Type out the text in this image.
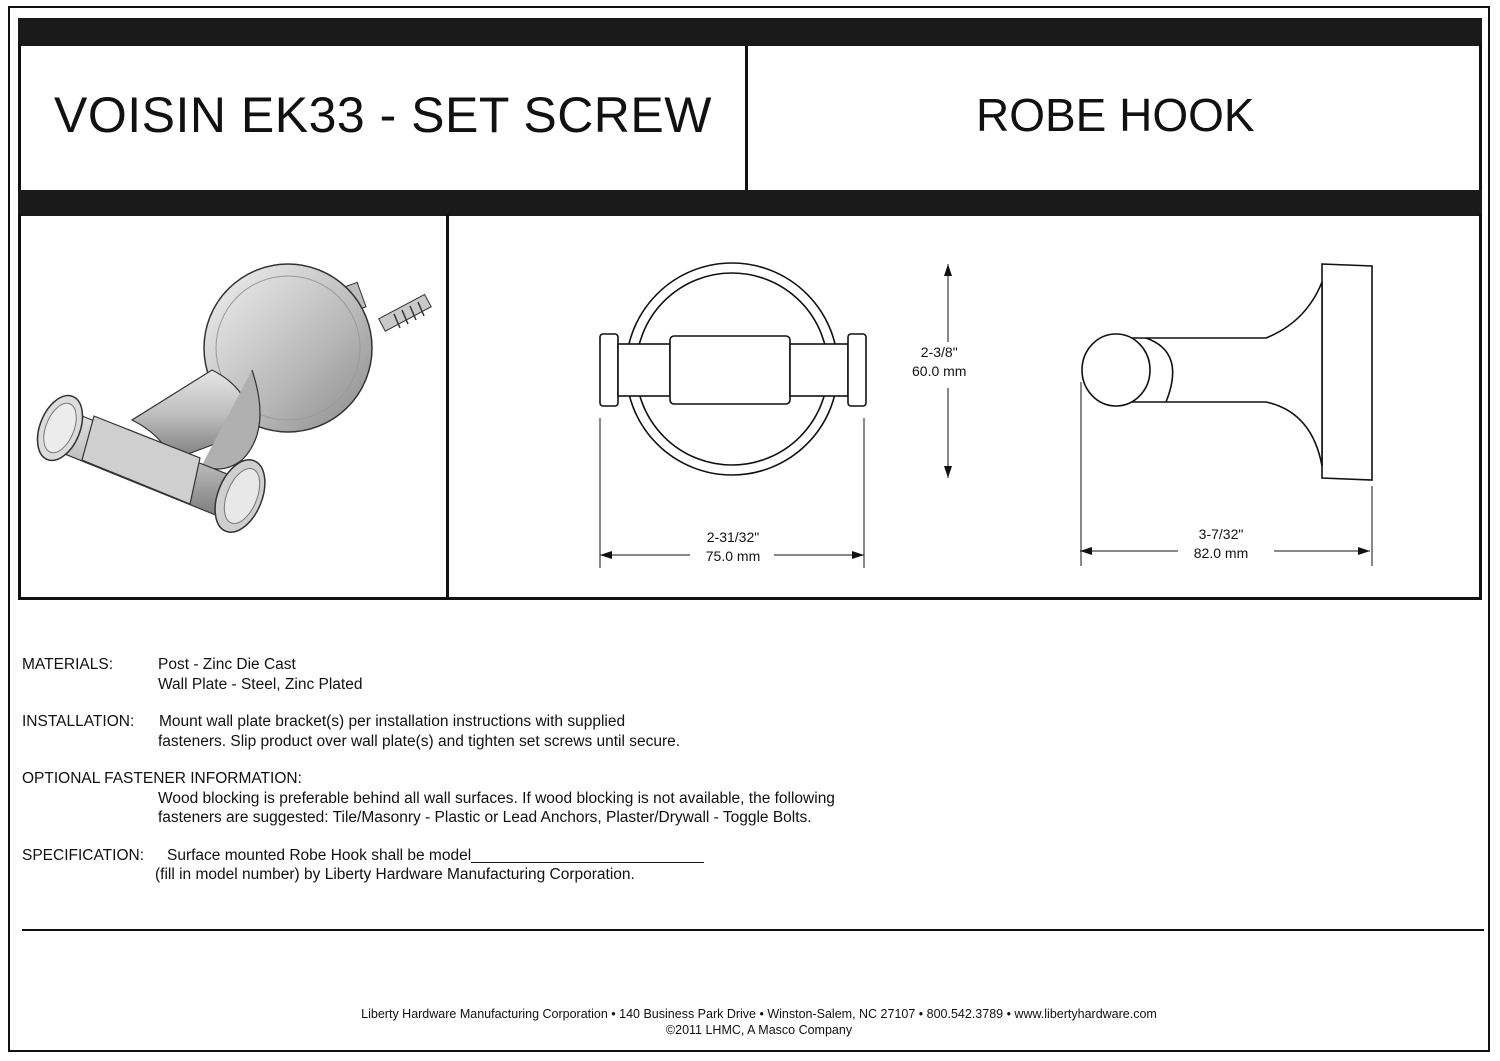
VOISIN EK33 - SET SCREW	ROBE HOOK
2-3/8"
60.0 mm
2-31/32"
75.0 mm
3-7/32"
82.0 mm
MATERIALS:	Post - Zinc Die Cast
Wall Plate - Steel, Zinc Plated
INSTALLATION: Mount wall plate bracket(s) per installation instructions with supplied
fasteners. Slip product over wall plate(s) and tighten set screws until secure.
OPTIONAL FASTENER INFORMATION:
Wood blocking is preferable behind all wall surfaces. If wood blocking is not available, the following
fasteners are suggested: Tile/Masonry - Plastic or Lead Anchors, Plaster/Drywall - Toggle Bolts.
SPECIFICATION: Surface mounted Robe Hook shall be model___________________________
(fill in model number) by Liberty Hardware Manufacturing Corporation.
Liberty Hardware Manufacturing Corporation • 140 Business Park Drive • Winston-Salem, NC 27107 • 800.542.3789 • www.libertyhardware.com
©2011 LHMC, A Masco Company
